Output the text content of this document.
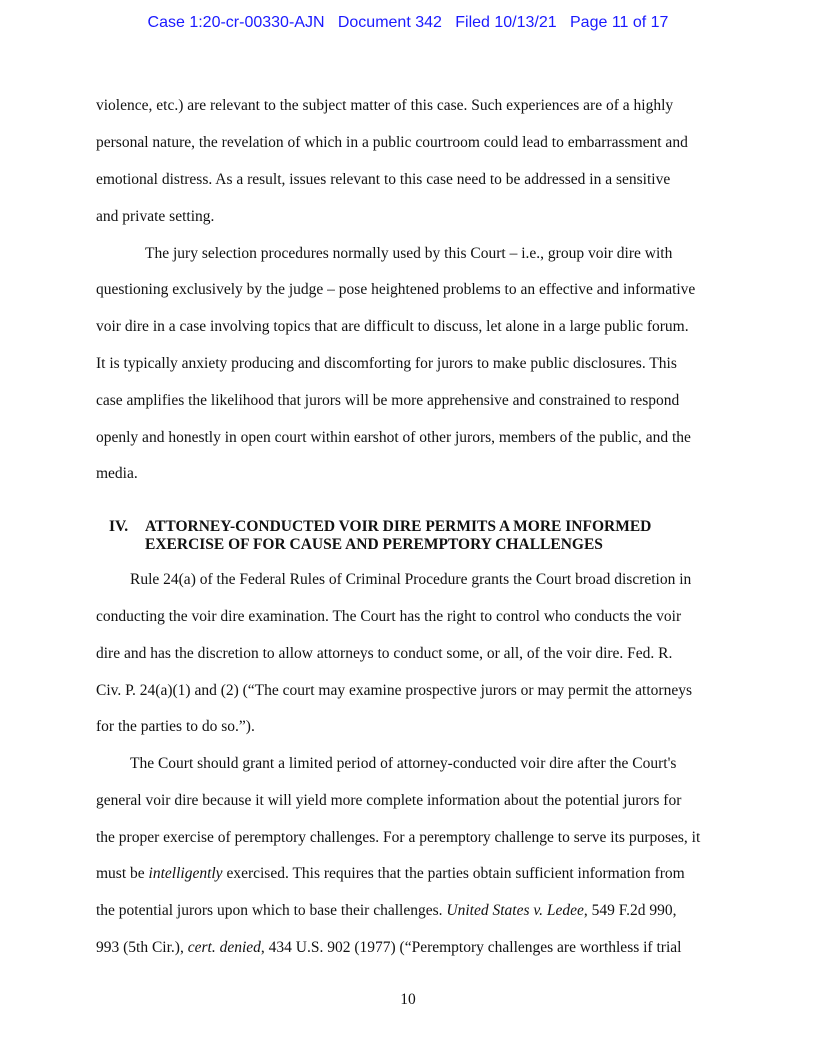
Case 1:20-cr-00330-AJN Document 342 Filed 10/13/21 Page 11 of 17
violence, etc.) are relevant to the subject matter of this case. Such experiences are of a highly
personal nature, the revelation of which in a public courtroom could lead to embarrassment and
emotional distress. As a result, issues relevant to this case need to be addressed in a sensitive
and private setting.
The jury selection procedures normally used by this Court – i.e., group voir dire with
questioning exclusively by the judge – pose heightened problems to an effective and informative
voir dire in a case involving topics that are difficult to discuss, let alone in a large public forum.
It is typically anxiety producing and discomforting for jurors to make public disclosures. This
case amplifies the likelihood that jurors will be more apprehensive and constrained to respond
openly and honestly in open court within earshot of other jurors, members of the public, and the
media.
IV. ATTORNEY-CONDUCTED VOIR DIRE PERMITS A MORE INFORMED
EXERCISE OF FOR CAUSE AND PEREMPTORY CHALLENGES
Rule 24(a) of the Federal Rules of Criminal Procedure grants the Court broad discretion in
conducting the voir dire examination. The Court has the right to control who conducts the voir
dire and has the discretion to allow attorneys to conduct some, or all, of the voir dire. Fed. R.
Civ. P. 24(a)(1) and (2) (“The court may examine prospective jurors or may permit the attorneys
for the parties to do so.”).
The Court should grant a limited period of attorney-conducted voir dire after the Court's
general voir dire because it will yield more complete information about the potential jurors for
the proper exercise of peremptory challenges. For a peremptory challenge to serve its purposes, it
must be intelligently exercised. This requires that the parties obtain sufficient information from
the potential jurors upon which to base their challenges. United States v. Ledee, 549 F.2d 990,
993 (5th Cir.), cert. denied, 434 U.S. 902 (1977) (“Peremptory challenges are worthless if trial
10
